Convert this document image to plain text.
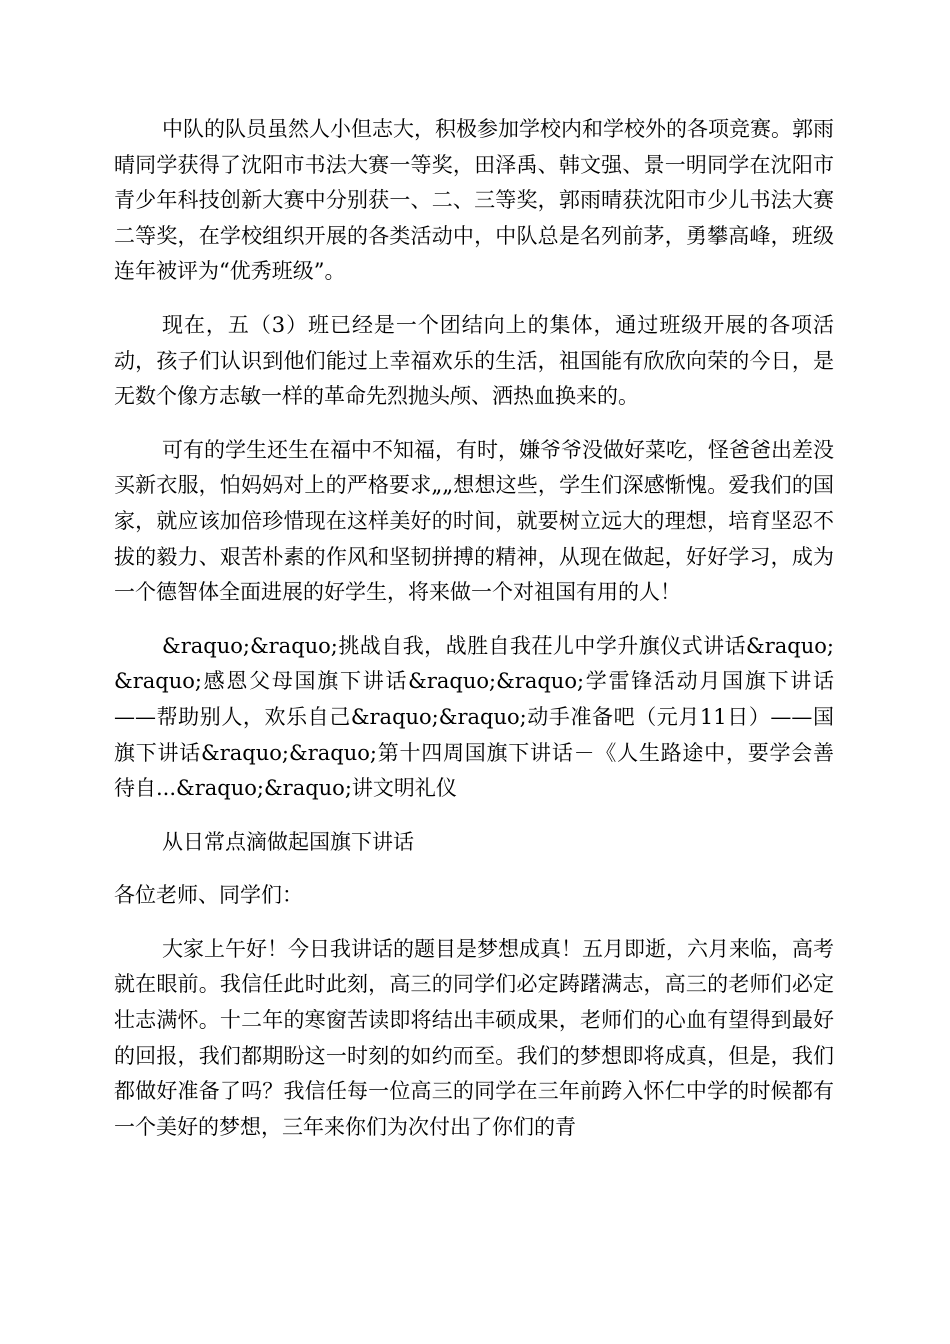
中队的队员虽然人小但志大，积极参加学校内和学校外的各项竞赛。郭雨晴同学获得了沈阳市书法大赛一等奖，田泽禹、韩文强、景一明同学在沈阳市青少年科技创新大赛中分别获一、二、三等奖，郭雨晴获沈阳市少儿书法大赛二等奖，在学校组织开展的各类活动中，中队总是名列前茅，勇攀高峰，班级连年被评为“优秀班级”。

现在，五（3）班已经是一个团结向上的集体，通过班级开展的各项活动，孩子们认识到他们能过上幸福欢乐的生活，祖国能有欣欣向荣的今日，是无数个像方志敏一样的革命先烈抛头颅、洒热血换来的。

可有的学生还生在福中不知福，有时，嫌爷爷没做好菜吃，怪爸爸出差没买新衣服，怕妈妈对上的严格要求„„想想这些，学生们深感惭愧。爱我们的国家，就应该加倍珍惜现在这样美好的时间，就要树立远大的理想，培育坚忍不拔的毅力、艰苦朴素的作风和坚韧拼搏的精神，从现在做起，好好学习，成为一个德智体全面进展的好学生，将来做一个对祖国有用的人！

&raquo;&raquo;挑战自我，战胜自我茌儿中学升旗仪式讲话&raquo;&raquo;感恩父母国旗下讲话&raquo;&raquo;学雷锋活动月国旗下讲话——帮助别人，欢乐自己&raquo;&raquo;动手准备吧（元月11日）——国旗下讲话&raquo;&raquo;第十四周国旗下讲话－《人生路途中，要学会善待自...&raquo;&raquo;讲文明礼仪

从日常点滴做起国旗下讲话

各位老师、同学们：

大家上午好！今日我讲话的题目是梦想成真！五月即逝，六月来临，高考就在眼前。我信任此时此刻，高三的同学们必定踌躇满志，高三的老师们必定壮志满怀。十二年的寒窗苦读即将结出丰硕成果，老师们的心血有望得到最好的回报，我们都期盼这一时刻的如约而至。我们的梦想即将成真，但是，我们都做好准备了吗？我信任每一位高三的同学在三年前跨入怀仁中学的时候都有一个美好的梦想，三年来你们为次付出了你们的青
